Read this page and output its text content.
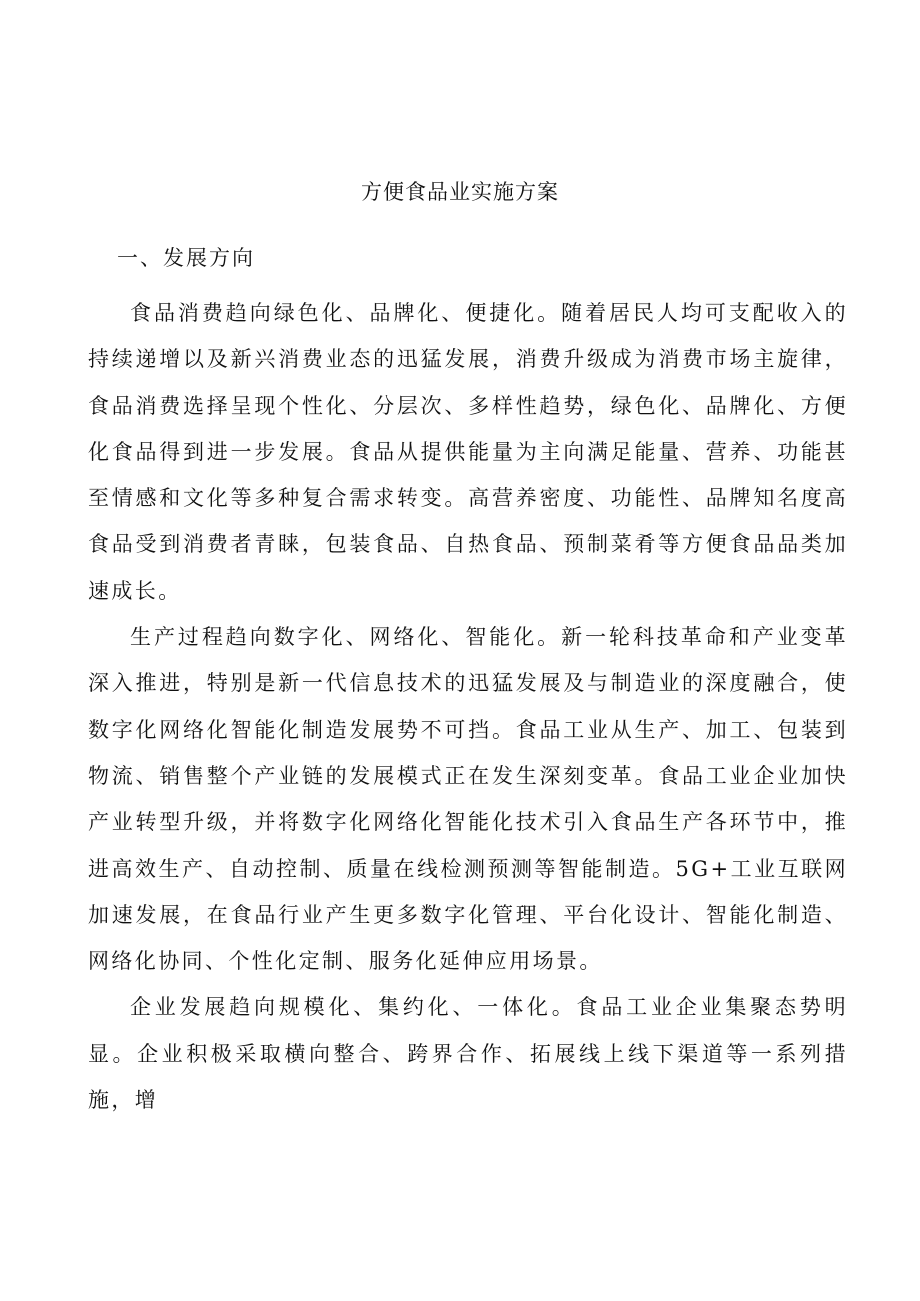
方便食品业实施方案
一、发展方向

食品消费趋向绿色化、品牌化、便捷化。随着居民人均可支配收入的持续递增以及新兴消费业态的迅猛发展，消费升级成为消费市场主旋律，食品消费选择呈现个性化、分层次、多样性趋势，绿色化、品牌化、方便化食品得到进一步发展。食品从提供能量为主向满足能量、营养、功能甚至情感和文化等多种复合需求转变。高营养密度、功能性、品牌知名度高食品受到消费者青睐，包装食品、自热食品、预制菜肴等方便食品品类加速成长。

生产过程趋向数字化、网络化、智能化。新一轮科技革命和产业变革深入推进，特别是新一代信息技术的迅猛发展及与制造业的深度融合，使数字化网络化智能化制造发展势不可挡。食品工业从生产、加工、包装到物流、销售整个产业链的发展模式正在发生深刻变革。食品工业企业加快产业转型升级，并将数字化网络化智能化技术引入食品生产各环节中，推进高效生产、自动控制、质量在线检测预测等智能制造。5G+工业互联网加速发展，在食品行业产生更多数字化管理、平台化设计、智能化制造、网络化协同、个性化定制、服务化延伸应用场景。

企业发展趋向规模化、集约化、一体化。食品工业企业集聚态势明显。企业积极采取横向整合、跨界合作、拓展线上线下渠道等一系列措施，增
